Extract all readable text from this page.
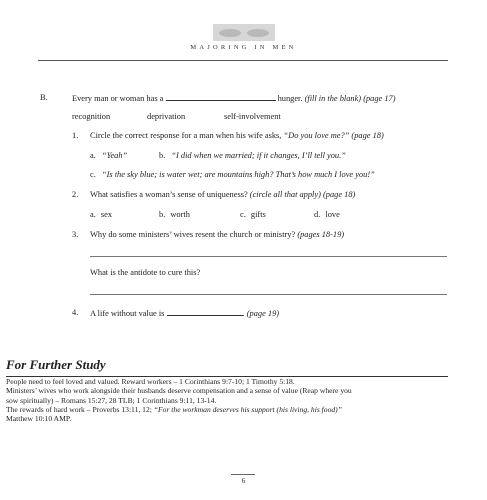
MAJORING IN MEN
B.	Every man or woman has a	hunger. (fill in the blank) (page 17)
recognition	deprivation	self-involvement
1. Circle the correct response for a man when his wife asks, “Do you love me?” (page 18)
a. “Yeah”	b. “I did when we married; if it changes, I’ll tell you.”
c. “Is the sky blue; is water wet; are mountains high? That’s how much I love you!”
2. What satisfies a woman’s sense of uniqueness? (circle all that apply) (page 18)
a. sex	b. worth	c. gifts	d. love
3. Why do some ministers’ wives resent the church or ministry? (pages 18-19)
What is the antidote to cure this?
4. A life without value is	. (page 19)
For Further Study
People need to feel loved and valued. Reward workers – 1 Corinthians 9:7-10; 1 Timothy 5:18.
Ministers’ wives who work alongside their husbands deserve compensation and a sense of value (Reap where you
sow spiritually) – Romans 15:27, 28 TLB; 1 Corinthians 9:11, 13-14.
The rewards of hard work – Proverbs 13:11, 12; “For the workman deserves his support (his living, his food)”
Matthew 10:10 AMP.
6
